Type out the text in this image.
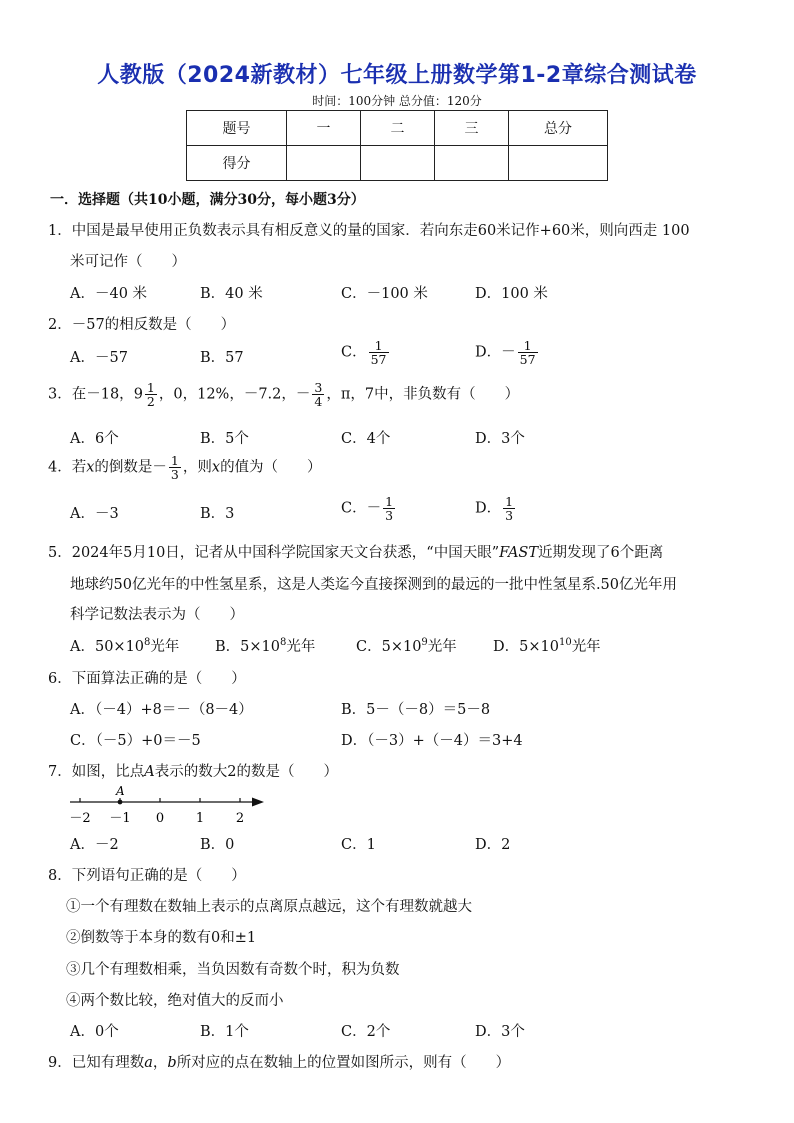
人教版（2024新教材）七年级上册数学第1-2章综合测试卷
时间：100分钟 总分值：120分
题号	一	二	三	总分
得分				
一．选择题（共10小题，满分30分，每小题3分）
1．中国是最早使用正负数表示具有相反意义的量的国家．若向东走60米记作+60米，则向西走 100
米可记作（　　）
A．－40 米	B．40 米	C．－100 米	D．100 米
2．－57的相反数是（　　）
A．－57	B．57	C． $\frac{1}{57}$	D．－ $\frac{1}{57}$
3．在－18，$9 \frac{1}{2}$ ，0，12%，－7.2，－ $\frac{3}{4}$ ，π，7中，非负数有（　　）
A．6个	B．5个	C．4个	D．3个
4．若x的倒数是－ $\frac{1}{3}$ ，则x的值为（　　）
A．－3	B．3	C．－ $\frac{1}{3}$	D． $\frac{1}{3}$
5．2024年5月10日，记者从中国科学院国家天文台获悉，“中国天眼”FAST近期发现了6个距离
地球约50亿光年的中性氢星系，这是人类迄今直接探测到的最远的一批中性氢星系.50亿光年用
科学记数法表示为（　　）
A．$50\times 10^8$光年 B．$5\times 10^8$光年	C．$5\times 10^9$光年 D．$5\times 10^{10}$光年
6．下面算法正确的是（　　）
A．（－4）+8＝－（8－4）	B．5－（－8）＝5－8
C．（－5）+0＝－5	D．（－3）+（－4）＝3+4
7．如图，比点A表示的数大2的数是（　　）
－2 －1 0 1 2
A
A．－2	B．0	C．1	D．2
8．下列语句正确的是（　　）
①一个有理数在数轴上表示的点离原点越远，这个有理数就越大
②倒数等于本身的数有0和±1
③几个有理数相乘，当负因数有奇数个时，积为负数
④两个数比较，绝对值大的反而小
A．0个	B．1个	C．2个	D．3个
9．已知有理数a，b所对应的点在数轴上的位置如图所示，则有（　　）
